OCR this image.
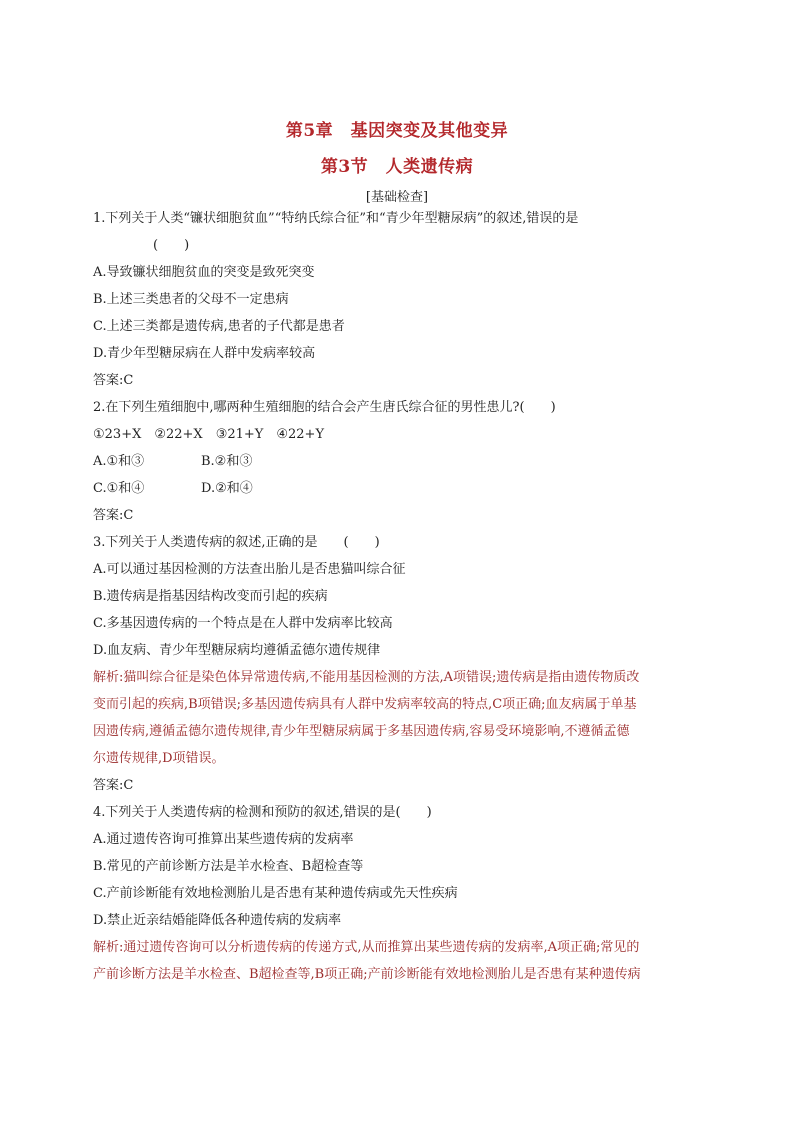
第5章　基因突变及其他变异
第3节　人类遗传病
[基础检查]
1.下列关于人类“镰状细胞贫血”“特纳氏综合征”和“青少年型糖尿病”的叙述,错误的是
(　　)
A.导致镰状细胞贫血的突变是致死突变
B.上述三类患者的父母不一定患病
C.上述三类都是遗传病,患者的子代都是患者
D.青少年型糖尿病在人群中发病率较高
答案:C
2.在下列生殖细胞中,哪两种生殖细胞的结合会产生唐氏综合征的男性患儿?(　　)
①23+X　②22+X　③21+Y　④22+Y
A.①和③	B.②和③
C.①和④	D.②和④
答案:C
3.下列关于人类遗传病的叙述,正确的是　　(　　)
A.可以通过基因检测的方法查出胎儿是否患猫叫综合征
B.遗传病是指基因结构改变而引起的疾病
C.多基因遗传病的一个特点是在人群中发病率比较高
D.血友病、青少年型糖尿病均遵循孟德尔遗传规律
解析:猫叫综合征是染色体异常遗传病,不能用基因检测的方法,A项错误;遗传病是指由遗传物质改
变而引起的疾病,B项错误;多基因遗传病具有人群中发病率较高的特点,C项正确;血友病属于单基
因遗传病,遵循孟德尔遗传规律,青少年型糖尿病属于多基因遗传病,容易受环境影响,不遵循孟德
尔遗传规律,D项错误。
答案:C
4.下列关于人类遗传病的检测和预防的叙述,错误的是(　　)
A.通过遗传咨询可推算出某些遗传病的发病率
B.常见的产前诊断方法是羊水检查、B超检查等
C.产前诊断能有效地检测胎儿是否患有某种遗传病或先天性疾病
D.禁止近亲结婚能降低各种遗传病的发病率
解析:通过遗传咨询可以分析遗传病的传递方式,从而推算出某些遗传病的发病率,A项正确;常见的
产前诊断方法是羊水检查、B超检查等,B项正确;产前诊断能有效地检测胎儿是否患有某种遗传病
